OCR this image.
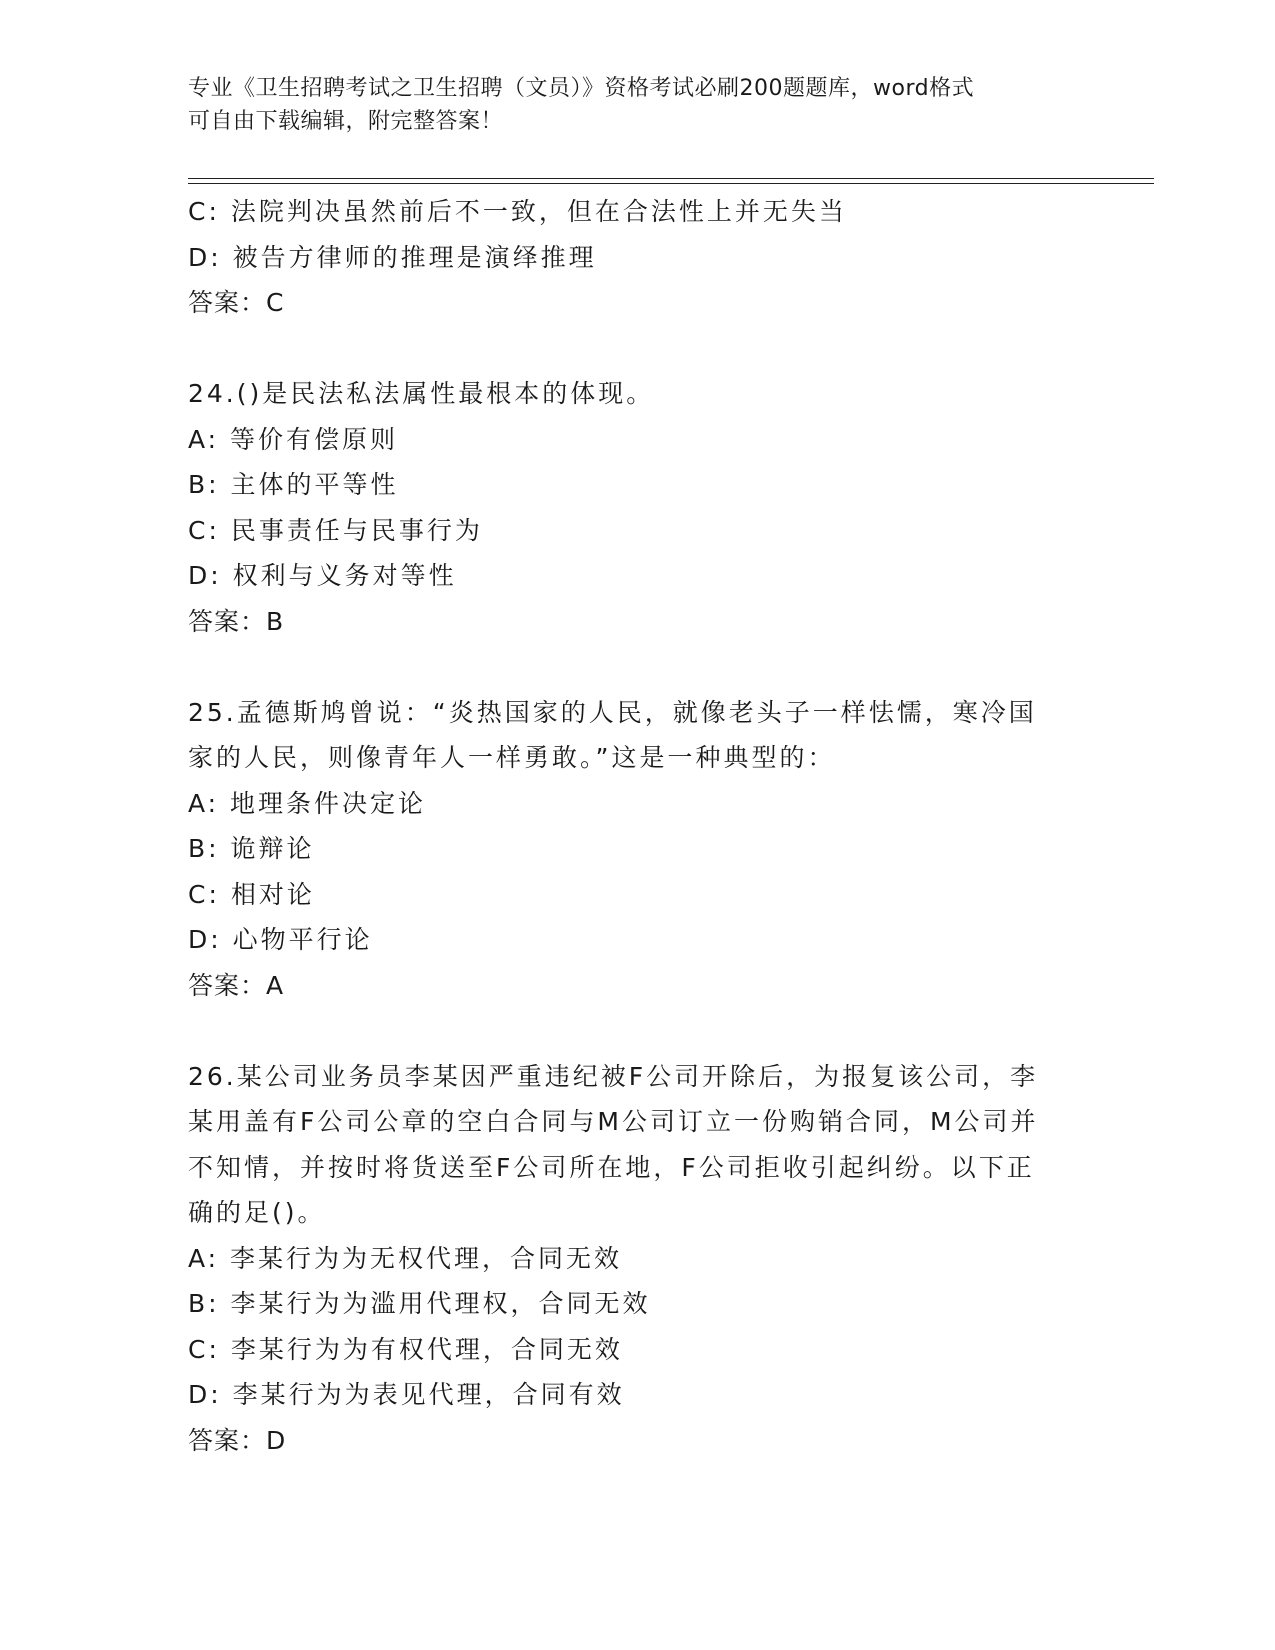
专业《卫生招聘考试之卫生招聘（文员）》资格考试必刷200题题库，word格式
可自由下载编辑，附完整答案！
C: 法院判决虽然前后不一致，但在合法性上并无失当
D: 被告方律师的推理是演绎推理
答案：C
24.()是民法私法属性最根本的体现。
A: 等价有偿原则
B: 主体的平等性
C: 民事责任与民事行为
D: 权利与义务对等性
答案：B
25.孟德斯鸠曾说：“炎热国家的人民，就像老头子一样怯懦，寒冷国
家的人民，则像青年人一样勇敢。”这是一种典型的：
A: 地理条件决定论
B: 诡辩论
C: 相对论
D: 心物平行论
答案：A
26.某公司业务员李某因严重违纪被F公司开除后，为报复该公司，李
某用盖有F公司公章的空白合同与M公司订立一份购销合同，M公司并
不知情，并按时将货送至F公司所在地，F公司拒收引起纠纷。以下正
确的足()。
A: 李某行为为无权代理，合同无效
B: 李某行为为滥用代理权，合同无效
C: 李某行为为有权代理，合同无效
D: 李某行为为表见代理，合同有效
答案：D
